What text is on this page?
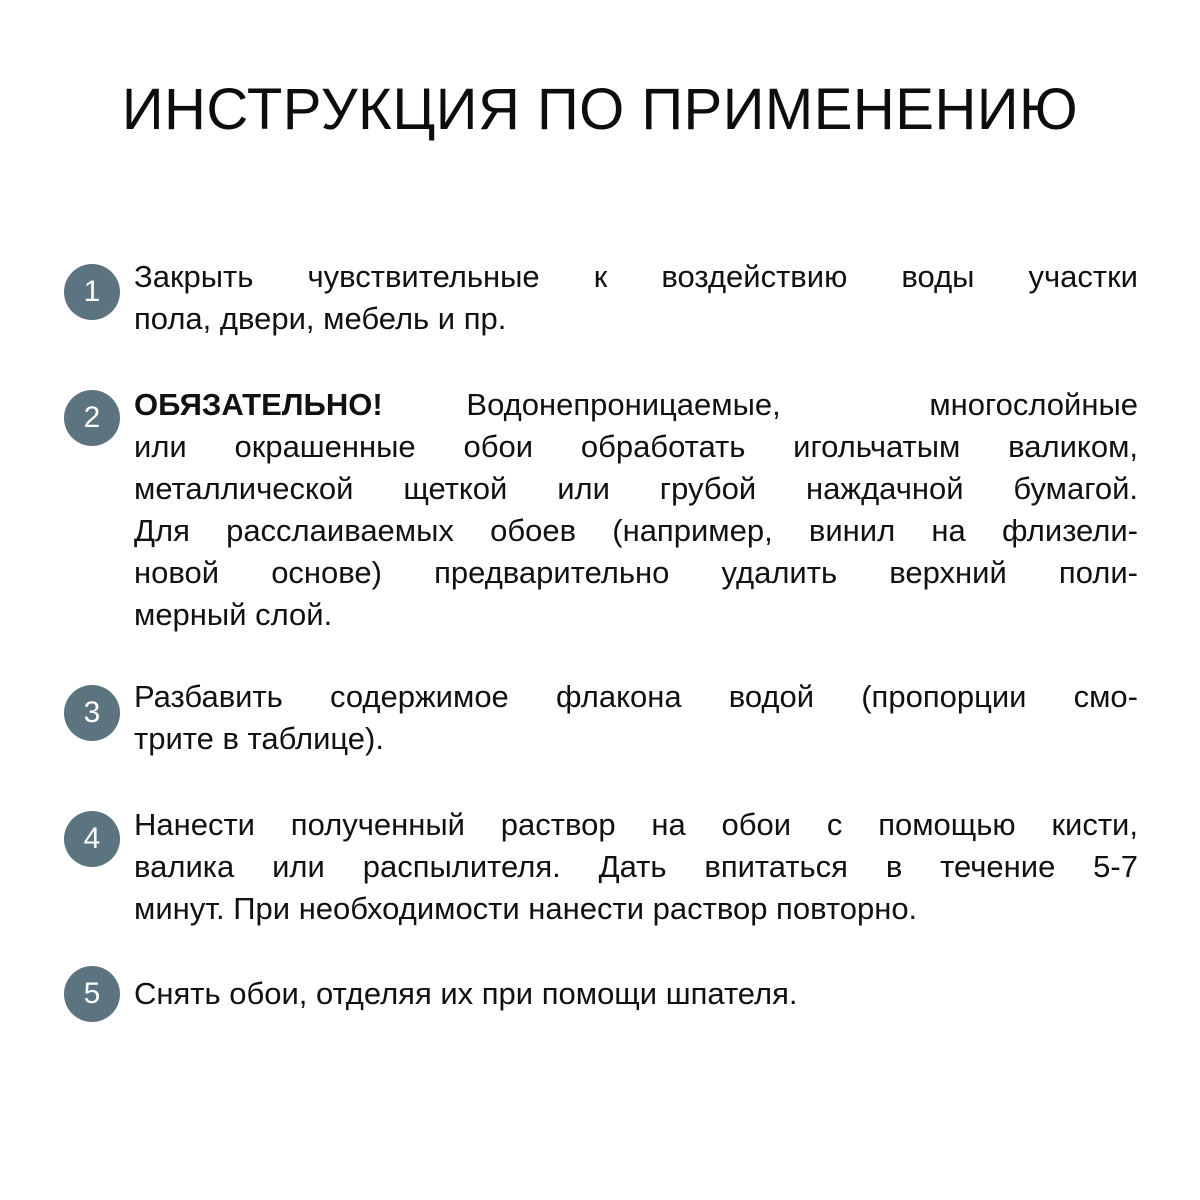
ИНСТРУКЦИЯ ПО ПРИМЕНЕНИЮ
1	Закрыть чувствительные к воздействию воды участки
пола, двери, мебель и пр.
2	ОБЯЗАТЕЛЬНО!	Водонепроницаемые, многослойные
или окрашенные обои обработать игольчатым валиком,
металлической щеткой или грубой наждачной бумагой.
Для расслаиваемых обоев (например, винил на флизели-
новой основе) предварительно удалить верхний поли-
мерный слой.
3	Разбавить содержимое флакона водой (пропорции смо-
трите в таблице).
4	Нанести полученный раствор на обои с помощью кисти,
валика или распылителя. Дать впитаться в течение 5-7
минут. При необходимости нанести раствор повторно.
5	Снять обои, отделяя их при помощи шпателя.
